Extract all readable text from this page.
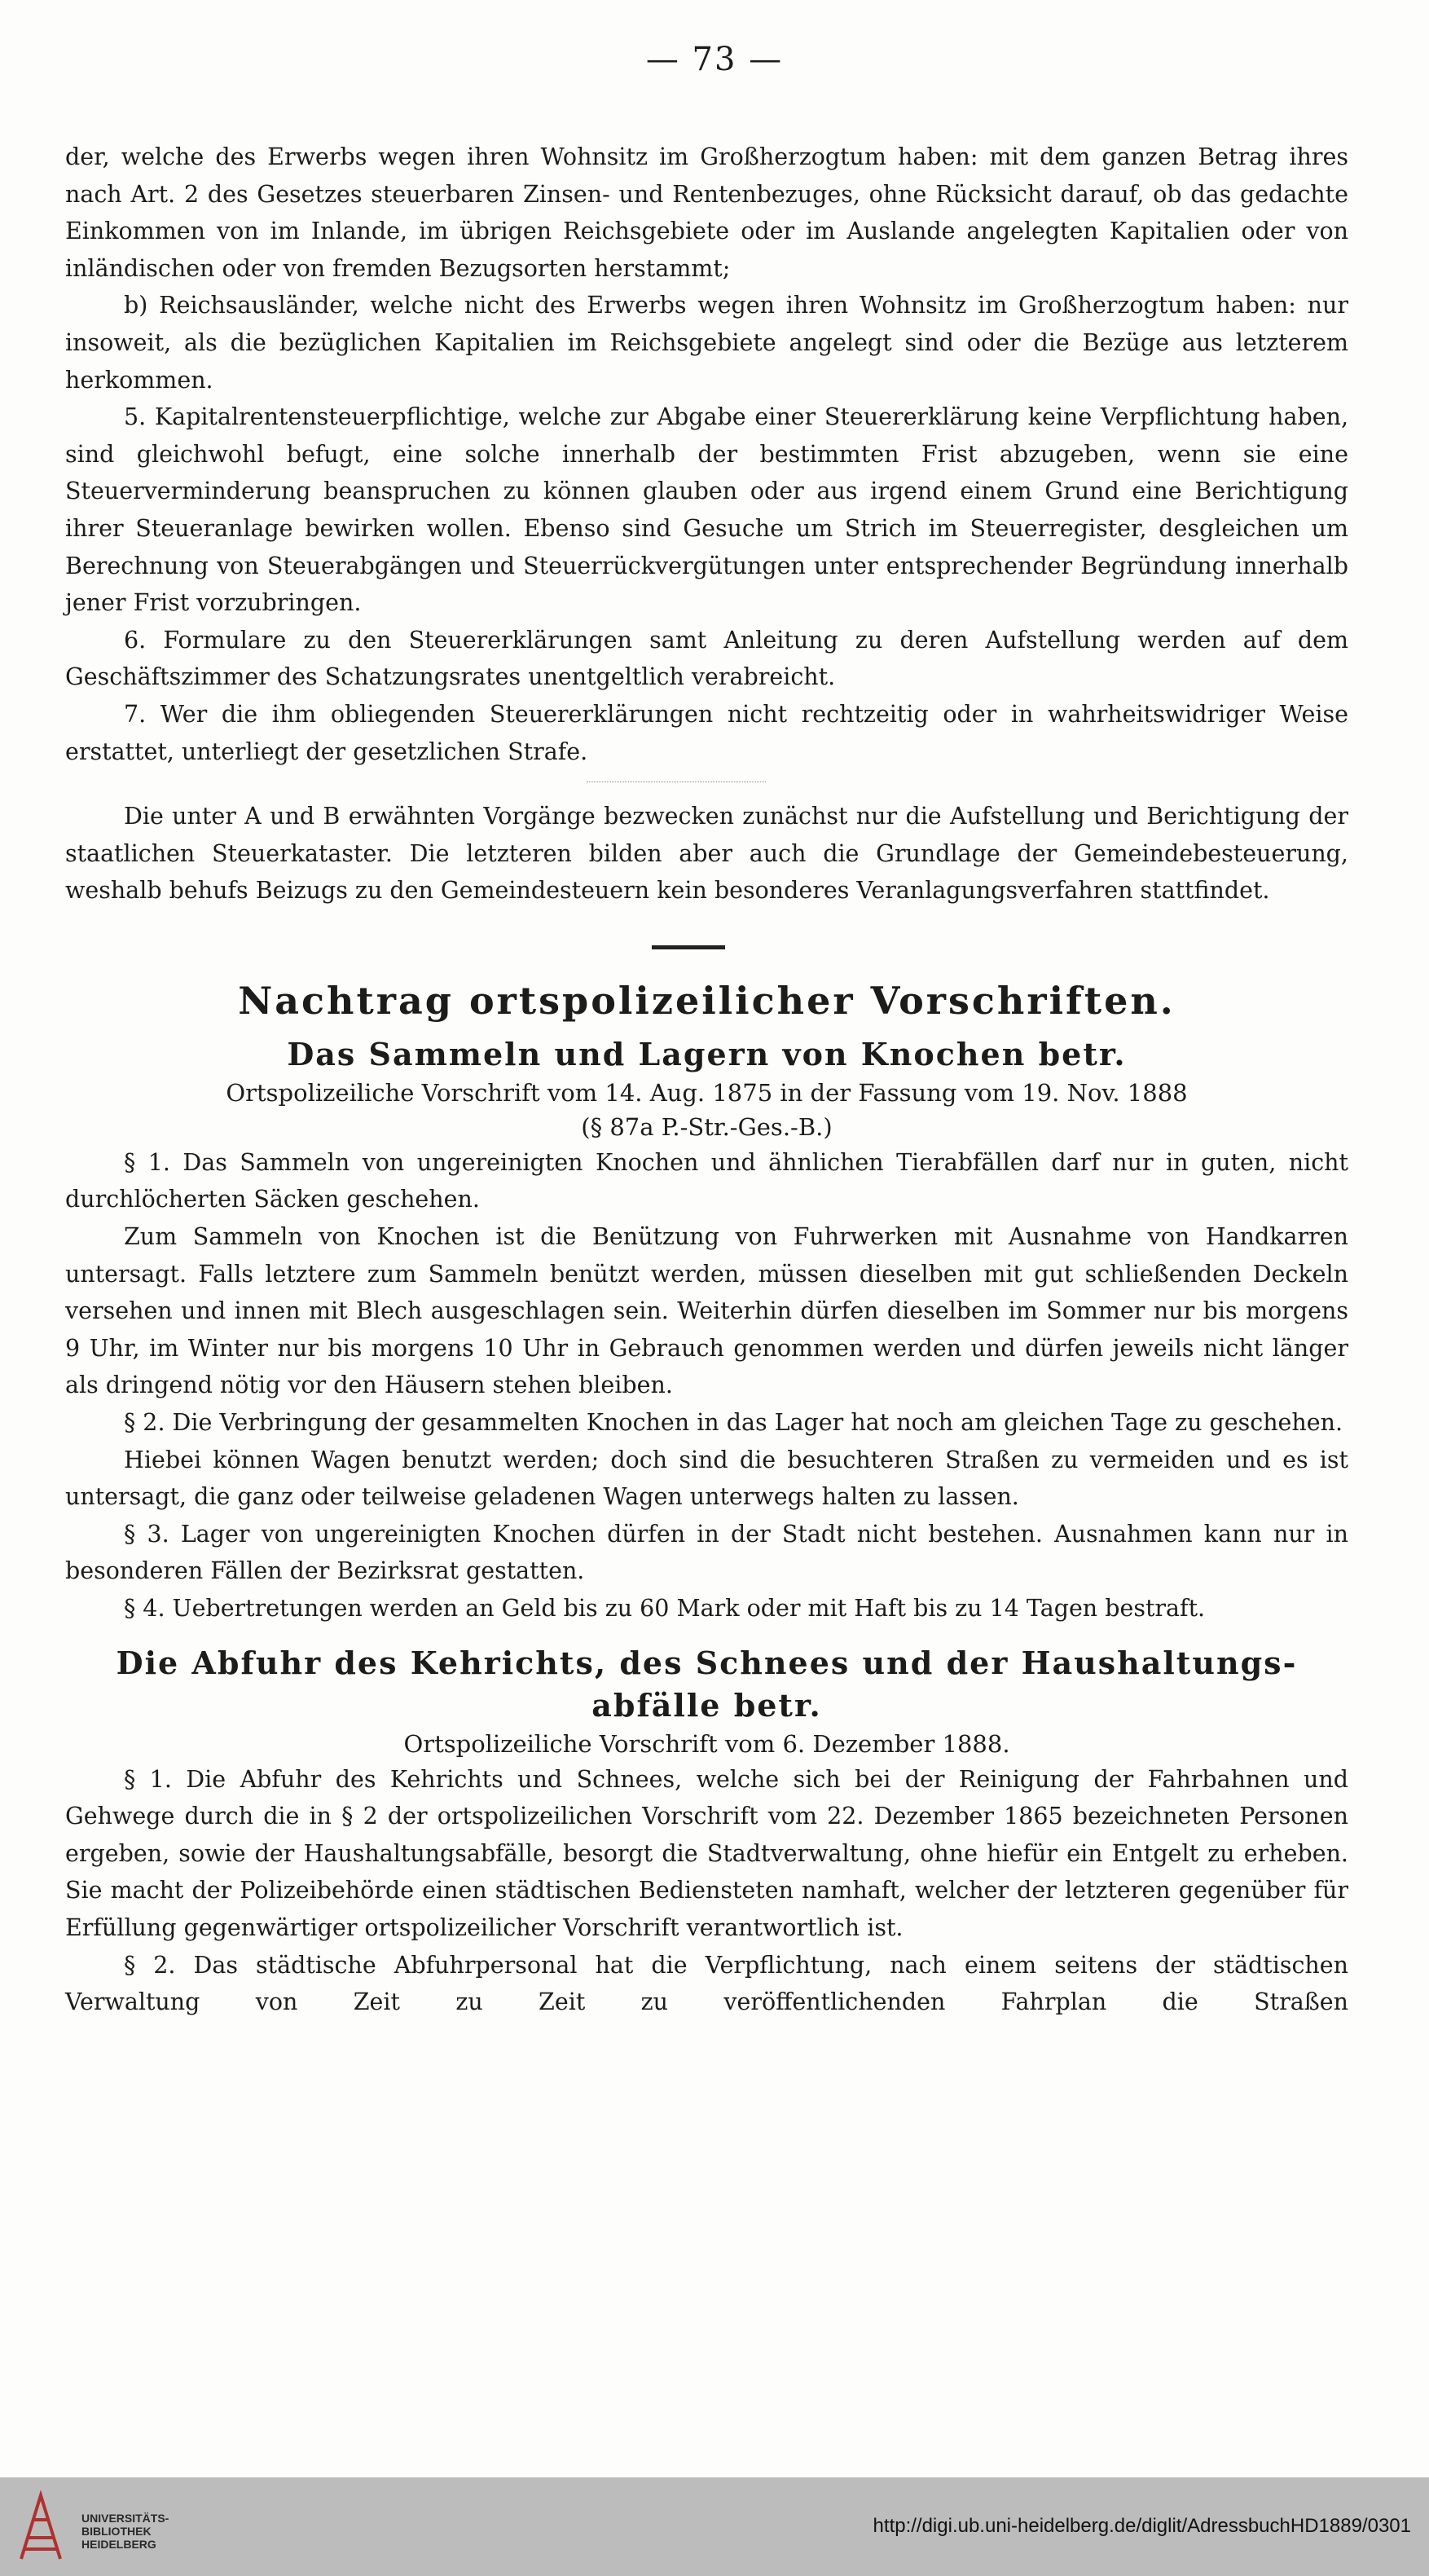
— 73 —

der, welche des Erwerbs wegen ihren Wohnsitz im Großherzogtum haben: mit dem ganzen Betrag ihres nach Art. 2 des Gesetzes steuerbaren Zinsen- und Rentenbezuges, ohne Rücksicht darauf, ob das gedachte Einkommen von im Inlande, im übrigen Reichsgebiete oder im Auslande angelegten Kapitalien oder von inländischen oder von fremden Bezugsorten herstammt;

b) Reichsausländer, welche nicht des Erwerbs wegen ihren Wohnsitz im Großherzogtum haben: nur insoweit, als die bezüglichen Kapitalien im Reichsgebiete angelegt sind oder die Bezüge aus letzterem herkommen.

5. Kapitalrentensteuerpflichtige, welche zur Abgabe einer Steuererklärung keine Verpflichtung haben, sind gleichwohl befugt, eine solche innerhalb der bestimmten Frist abzugeben, wenn sie eine Steuerverminderung beanspruchen zu können glauben oder aus irgend einem Grund eine Berichtigung ihrer Steueranlage bewirken wollen. Ebenso sind Gesuche um Strich im Steuerregister, desgleichen um Berechnung von Steuerabgängen und Steuerrückvergütungen unter entsprechender Begründung innerhalb jener Frist vorzubringen.

6. Formulare zu den Steuererklärungen samt Anleitung zu deren Aufstellung werden auf dem Geschäftszimmer des Schatzungsrates unentgeltlich verabreicht.

7. Wer die ihm obliegenden Steuererklärungen nicht rechtzeitig oder in wahrheitswidriger Weise erstattet, unterliegt der gesetzlichen Strafe.

Die unter A und B erwähnten Vorgänge bezwecken zunächst nur die Aufstellung und Berichtigung der staatlichen Steuerkataster. Die letzteren bilden aber auch die Grundlage der Gemeindebesteuerung, weshalb behufs Beizugs zu den Gemeindesteuern kein besonderes Veranlagungsverfahren stattfindet.

Nachtrag ortspolizeilicher Vorschriften.
Das Sammeln und Lagern von Knochen betr.

Ortspolizeiliche Vorschrift vom 14. Aug. 1875 in der Fassung vom 19. Nov. 1888

(§ 87a P.-Str.-Ges.-B.)

§ 1. Das Sammeln von ungereinigten Knochen und ähnlichen Tierabfällen darf nur in guten, nicht durchlöcherten Säcken geschehen.

Zum Sammeln von Knochen ist die Benützung von Fuhrwerken mit Ausnahme von Handkarren untersagt. Falls letztere zum Sammeln benützt werden, müssen dieselben mit gut schließenden Deckeln versehen und innen mit Blech ausgeschlagen sein. Weiterhin dürfen dieselben im Sommer nur bis morgens 9 Uhr, im Winter nur bis morgens 10 Uhr in Gebrauch genommen werden und dürfen jeweils nicht länger als dringend nötig vor den Häusern stehen bleiben.

§ 2. Die Verbringung der gesammelten Knochen in das Lager hat noch am gleichen Tage zu geschehen.

Hiebei können Wagen benutzt werden; doch sind die besuchteren Straßen zu vermeiden und es ist untersagt, die ganz oder teilweise geladenen Wagen unterwegs halten zu lassen.

§ 3. Lager von ungereinigten Knochen dürfen in der Stadt nicht bestehen. Ausnahmen kann nur in besonderen Fällen der Bezirksrat gestatten.

§ 4. Uebertretungen werden an Geld bis zu 60 Mark oder mit Haft bis zu 14 Tagen bestraft.

Die Abfuhr des Kehrichts, des Schnees und der Haushaltungs-
abfälle betr.

Ortspolizeiliche Vorschrift vom 6. Dezember 1888.

§ 1. Die Abfuhr des Kehrichts und Schnees, welche sich bei der Reinigung der Fahrbahnen und Gehwege durch die in § 2 der ortspolizeilichen Vorschrift vom 22. Dezember 1865 bezeichneten Personen ergeben, sowie der Haushaltungsabfälle, besorgt die Stadtverwaltung, ohne hiefür ein Entgelt zu erheben. Sie macht der Polizeibehörde einen städtischen Bediensteten namhaft, welcher der letzteren gegenüber für Erfüllung gegenwärtiger ortspolizeilicher Vorschrift verantwortlich ist.

§ 2. Das städtische Abfuhrpersonal hat die Verpflichtung, nach einem seitens der städtischen Verwaltung von Zeit zu Zeit zu veröffentlichenden Fahrplan die Straßen

UNIVERSITÄTS-
BIBLIOTHEK
HEIDELBERG
http://digi.ub.uni-heidelberg.de/diglit/AdressbuchHD1889/0301
